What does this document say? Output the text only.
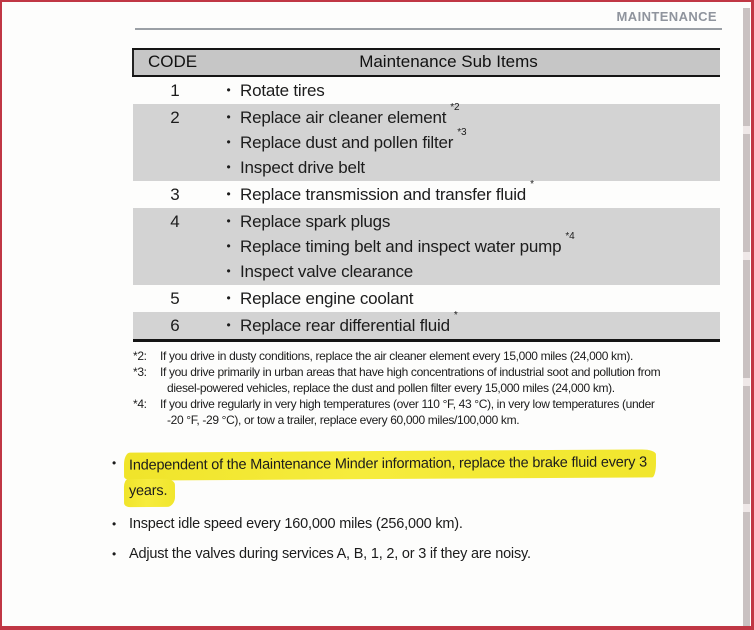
MAINTENANCE
CODE	Maintenance Sub Items
1	• Rotate tires

2	• Replace air cleaner element
$^{*2}$
• Replace dust and pollen filter
$^{*3}$
• Inspect drive belt

3	• Replace transmission and transfer fluid
*

4	• Replace spark plugs
• Replace timing belt and inspect water pump
$^{*4}$
• Inspect valve clearance

5	• Replace engine coolant

6	• Replace rear differential fluid
*
*2:	If you drive in dusty conditions, replace the air cleaner element every 15,000 miles (24,000 km).
*3:	If you drive primarily in urban areas that have high concentrations of industrial soot and pollution from
diesel-powered vehicles, replace the dust and pollen filter every 15,000 miles (24,000 km).
*4:	If you drive regularly in very high temperatures (over 110 °F, 43 °C), in very low temperatures (under
-20 °F, -29 °C), or tow a trailer, replace every 60,000 miles/100,000 km.
• Independent of the Maintenance Minder information, replace the brake fluid every 3
years.
• Inspect idle speed every 160,000 miles (256,000 km).
• Adjust the valves during services A, B, 1, 2, or 3 if they are noisy.
